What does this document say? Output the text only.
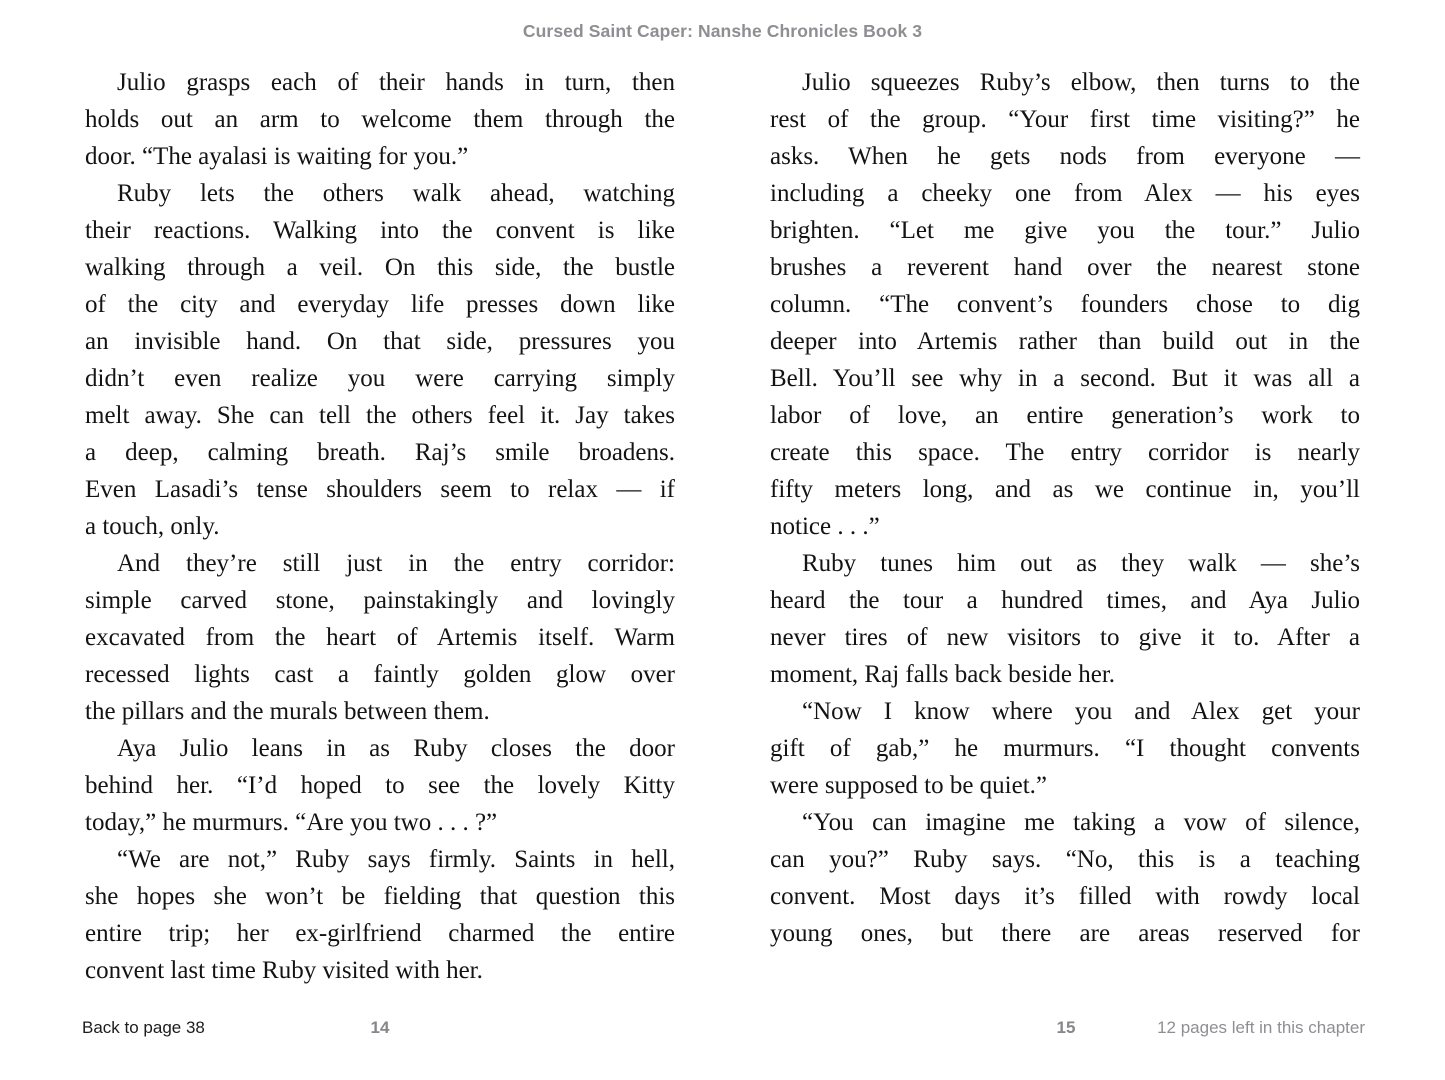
Cursed Saint Caper: Nanshe Chronicles Book 3
Julio grasps each of their hands in turn, then
holds out an arm to welcome them through the
door. “The ayalasi is waiting for you.”
Ruby lets the others walk ahead, watching
their reactions. Walking into the convent is like
walking through a veil. On this side, the bustle
of the city and everyday life presses down like
an invisible hand. On that side, pressures you
didn’t even realize you were carrying simply
melt away. She can tell the others feel it. Jay takes
a deep, calming breath. Raj’s smile broadens.
Even Lasadi’s tense shoulders seem to relax — if
a touch, only.
And they’re still just in the entry corridor:
simple carved stone, painstakingly and lovingly
excavated from the heart of Artemis itself. Warm
recessed lights cast a faintly golden glow over
the pillars and the murals between them.
Aya Julio leans in as Ruby closes the door
behind her. “I’d hoped to see the lovely Kitty
today,” he murmurs. “Are you two . . . ?”
“We are not,” Ruby says firmly. Saints in hell,
she hopes she won’t be fielding that question this
entire trip; her ex-girlfriend charmed the entire
convent last time Ruby visited with her.
Julio squeezes Ruby’s elbow, then turns to the
rest of the group. “Your first time visiting?” he
asks. When he gets nods from everyone —
including a cheeky one from Alex — his eyes
brighten. “Let me give you the tour.” Julio
brushes a reverent hand over the nearest stone
column. “The convent’s founders chose to dig
deeper into Artemis rather than build out in the
Bell. You’ll see why in a second. But it was all a
labor of love, an entire generation’s work to
create this space. The entry corridor is nearly
fifty meters long, and as we continue in, you’ll
notice . . .”
Ruby tunes him out as they walk — she’s
heard the tour a hundred times, and Aya Julio
never tires of new visitors to give it to. After a
moment, Raj falls back beside her.
“Now I know where you and Alex get your
gift of gab,” he murmurs. “I thought convents
were supposed to be quiet.”
“You can imagine me taking a vow of silence,
can you?” Ruby says. “No, this is a teaching
convent. Most days it’s filled with rowdy local
young ones, but there are areas reserved for
Back to page 38	14	15	12 pages left in this chapter
